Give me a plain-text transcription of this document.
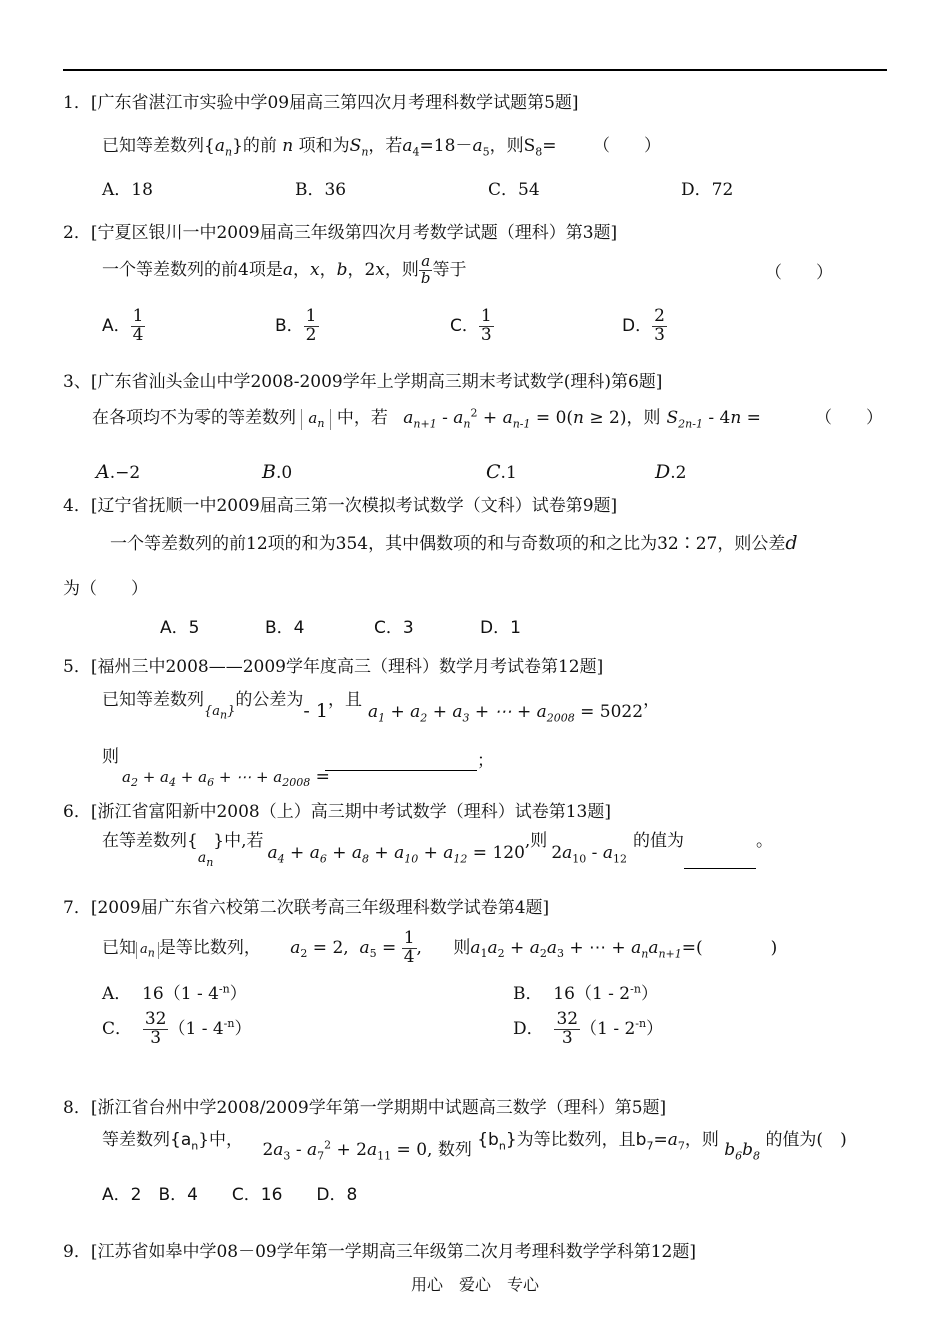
1．[广东省湛江市实验中学09届高三第四次月考理科数学试题第5题]
已知等差数列$\{a_n\}$的前 n 项和为$S_n$，若$a_4=18-a_5$，则$S_8=$ （　　）
A．18	B．36	C．54	D．72
2．[宁夏区银川一中2009届高三年级第四次月考数学试题（理科）第3题]
一个等差数列的前4项是a，x，b，2x，则 $\frac{a}{b}$ 等于	（　　）
A． $\frac{1}{4}$	B． $\frac{1}{2}$	C． $\frac{1}{3}$	D． $\frac{2}{3}$
3、[广东省汕头金山中学2008-2009学年上学期高三期末考试数学(理科)第6题]
在各项均不为零的等差数列 $a_n$ 中，若 $a_{n+1} - a_n^2 + a_{n-1} = 0(n \ge 2)$，则 $S_{2n-1} - 4n$ =	（　　）
A.−2	B.0	C.1	D.2
4．[辽宁省抚顺一中2009届高三第一次模拟考试数学（文科）试卷第9题]
一个等差数列的前12项的和为354，其中偶数项的和与奇数项的和之比为32∶27，则公差d
为（　　）
A．5	B．4	C．3	D．1
5．[福州三中2008——2009学年度高三（理科）数学月考试卷第12题]
已知等差数列$_{\{a_n\}}$的公差为- 1，且$a_1 + a_2 + a_3$ + ⋯ + $a_{2008} = 5022$，
则
$a_2 + a_4 + a_6$ + ⋯ + $a_{2008}$ =
；
6．[浙江省富阳新中2008（上）高三期中考试数学（理科）试卷第13题]
在等差数列$\{_{a_n}\}$中,若$a_4 + a_6 + a_8 + a_{10} + a_{12} = 120$,则$2a_{10} - a_{12}$的值为	。
7．[2009届广东省六校第二次联考高三年级理科数学试卷第4题]
已知 $a_n$ 是等比数列， $a_2 = 2$,  $a_5 = \frac{1}{4}$ , 则$a_1a_2 + a_2a_3$ + ⋯ + $a_na_{n+1}=$(　　　　)
A．  $16(1 - 4^{-n})$	B．  $16(1 - 2^{-n})$
C． $\frac{32}{3} (1 - 4^{-n})$	D． $\frac{32}{3} (1 - 2^{-n})$
8．[浙江省台州中学2008/2009学年第一学期期中试题高三数学（理科）第5题]
等差数列$\{a_n\}$中， $2a_3 - a_7^2 + 2a_{11} = 0$, 数列 $\{b_n\}$为等比数列，且$b_7=a_7$，则 $b_6b_8$ 的值为(　)
A．2　B．4　　C．16　　D．8
9．[江苏省如皋中学08－09学年第一学期高三年级第二次月考理科数学学科第12题]
用心　爱心　专心
